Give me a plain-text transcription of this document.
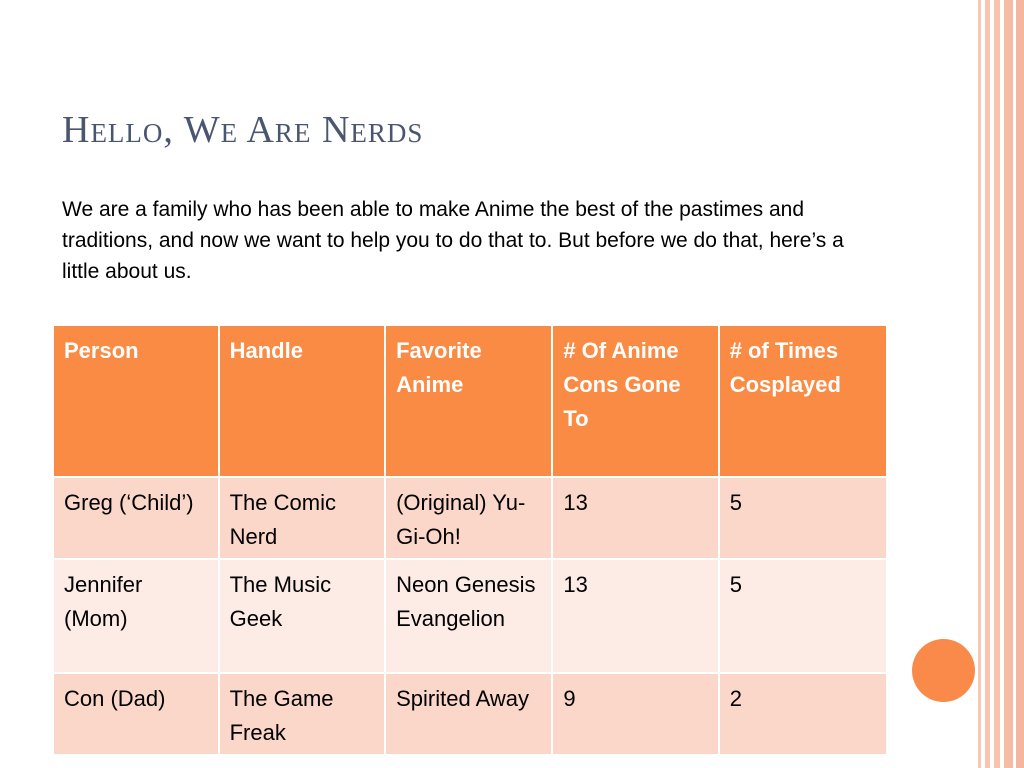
Hello, We Are Nerds

We are a family who has been able to make Anime the best of the pastimes and traditions, and now we want to help you to do that to. But before we do that, here’s a little about us.

Person	Handle	Favorite Anime	# Of Anime Cons Gone To	# of Times Cosplayed
Greg (‘Child’)	The Comic Nerd	(Original) Yu-Gi-Oh!	13	5
Jennifer (Mom)	The Music Geek	Neon Genesis Evangelion	13	5
Con (Dad)	The Game Freak	Spirited Away	9	2
